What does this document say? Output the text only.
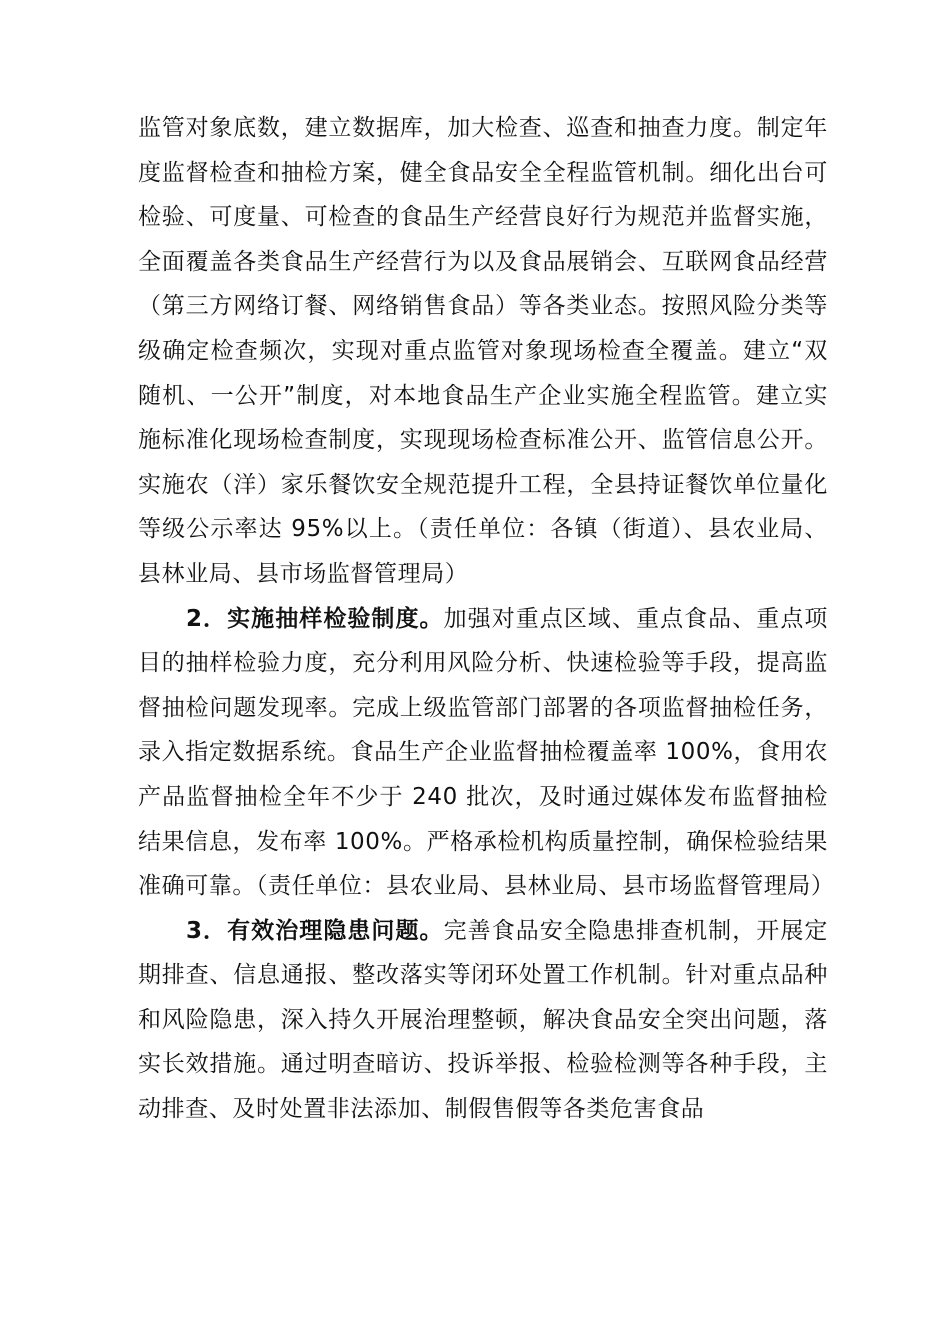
监管对象底数，建立数据库，加大检查、巡查和抽查力度。制定年度监督检查和抽检方案，健全食品安全全程监管机制。细化出台可检验、可度量、可检查的食品生产经营良好行为规范并监督实施，全面覆盖各类食品生产经营行为以及食品展销会、互联网食品经营（第三方网络订餐、网络销售食品）等各类业态。按照风险分类等级确定检查频次，实现对重点监管对象现场检查全覆盖。建立“双随机、一公开”制度，对本地食品生产企业实施全程监管。建立实施标准化现场检查制度，实现现场检查标准公开、监管信息公开。实施农（洋）家乐餐饮安全规范提升工程，全县持证餐饮单位量化等级公示率达 95%以上。（责任单位：各镇（街道）、县农业局、县林业局、县市场监督管理局）

2．实施抽样检验制度。加强对重点区域、重点食品、重点项目的抽样检验力度，充分利用风险分析、快速检验等手段，提高监督抽检问题发现率。完成上级监管部门部署的各项监督抽检任务，录入指定数据系统。食品生产企业监督抽检覆盖率 100%，食用农产品监督抽检全年不少于 240 批次，及时通过媒体发布监督抽检结果信息，发布率 100%。严格承检机构质量控制，确保检验结果准确可靠。（责任单位：县农业局、县林业局、县市场监督管理局）

3．有效治理隐患问题。完善食品安全隐患排查机制，开展定期排查、信息通报、整改落实等闭环处置工作机制。针对重点品种和风险隐患，深入持久开展治理整顿，解决食品安全突出问题，落实长效措施。通过明查暗访、投诉举报、检验检测等各种手段，主动排查、及时处置非法添加、制假售假等各类危害食品
